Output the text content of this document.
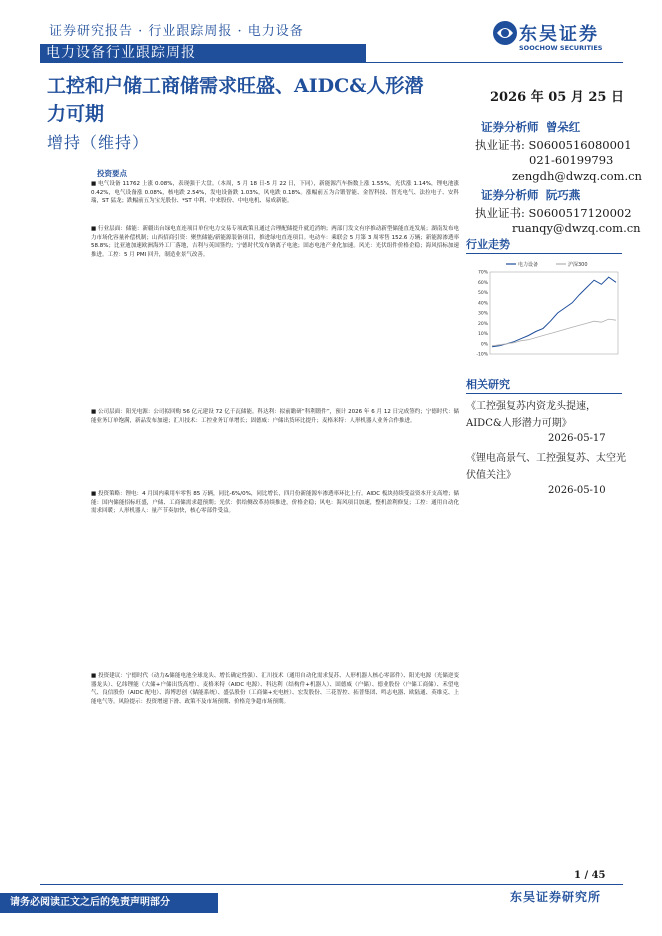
证券研究报告 · 行业跟踪周报 · 电力设备	东吴证券
SOOCHOW SECURITIES
电力设备行业跟踪周报
工控和户储工商储需求旺盛、AIDC&人形潜力可期
增持（维持）
2026 年 05 月 25 日
证券分析师 曾朵红
执业证书: S0600516080001
021-60199793
zengdh@dwzq.com.cn
证券分析师 阮巧燕
执业证书: S0600517120002
ruanqy@dwzq.com.cn
投资要点
■ 电气设备 11762 上涨 0.08%，表现强于大盘。（本周，5 月 18 日-5 月 22 日，下同），新能源汽车指数上涨 1.55%，光伏涨 1.14%，锂电池涨 0.42%，电气设备涨 0.08%，核电跌 2.54%，发电设备跌 1.03%，风电跌 0.18%。涨幅前五为合锻智能、金智科技、智光电气、法拉电子、安科瑞，ST 猛龙；跌幅前五为宝光股份、*ST 中利、中来股份、中电电机、易成新能。
■ 行业层面：储能：新疆出台绿电直连项目单位电力交易专项政策且通过合理配储提升就近消纳；两部门发文有序推动新型储能直连发展；湖南发布电力市场化容量补偿机制；山西招商引资：聚焦储能/新能源装备项目，推进绿电直连项目。电动车：乘联会 5 月第 3 周零售 152.6 万辆；新能源渗透率 58.8%；比亚迪加速欧洲海外工厂落地，吉利与英国签约；宁德时代发布钠离子电池；固态电池产业化加速。风光：光伏组件价格企稳；海风招标加速推进。工控：5 月 PMI 回升，制造业景气改善。
■ 公司层面：阳光电源：公司拟回购 56 亿元建设 72 亿千瓦储能。科达利：拟前瞻研“科利锻件”，预计 2026 年 6 月 12 日完成签约；宁德时代：储能业务订单饱满，新品发布加速；汇川技术：工控业务订单增长；固德威：户储出货环比提升；麦格米特：人形机器人业务合作推进。
■ 投资策略：锂电：4 月国内乘用车零售 85 万辆，同比-6%/0%，同比增长，四月份新能源车渗透率环比上行。AIDC 板块持续受益资本开支高增；储能：国内储能招标旺盛，户储、工商储需求超预期；光伏：供给侧改革持续推进，价格企稳；风电：海风项目加速，整机盈利修复；工控：通用自动化需求回暖；人形机器人：量产节奏加快，核心零部件受益。
■ 投资建议：宁德时代（动力&储能电池全球龙头、增长确定性强）、汇川技术（通用自动化需求复苏、人形机器人核心零部件）、阳光电源（光储逆变器龙头）、亿纬锂能（大储+户储出货高增）、麦格米特（AIDC 电源）、科达利（结构件+机器人）、固德威（户储）、德业股份（户储工商储）、禾望电气、良信股份（AIDC 配电）、海博思创（储能系统）、盛弘股份（工商储+充电桩）、宏发股份、三花智控、拓普集团、鸣志电器、欧陆通、英维克、上能电气等。风险提示：投资增速下滑、政策不及市场预期、价格竞争超市场预期。
行业走势
70%
60%
50%
40%
30%
20%
10%
0%
-10%
电力设备	沪深300
相关研究
《工控强复苏内资龙头提速，AIDC&人形潜力可期》
2026-05-17
《锂电高景气、工控强复苏、太空光伏值关注》
2026-05-10
1 / 45
东吴证券研究所
请务必阅读正文之后的免责声明部分
